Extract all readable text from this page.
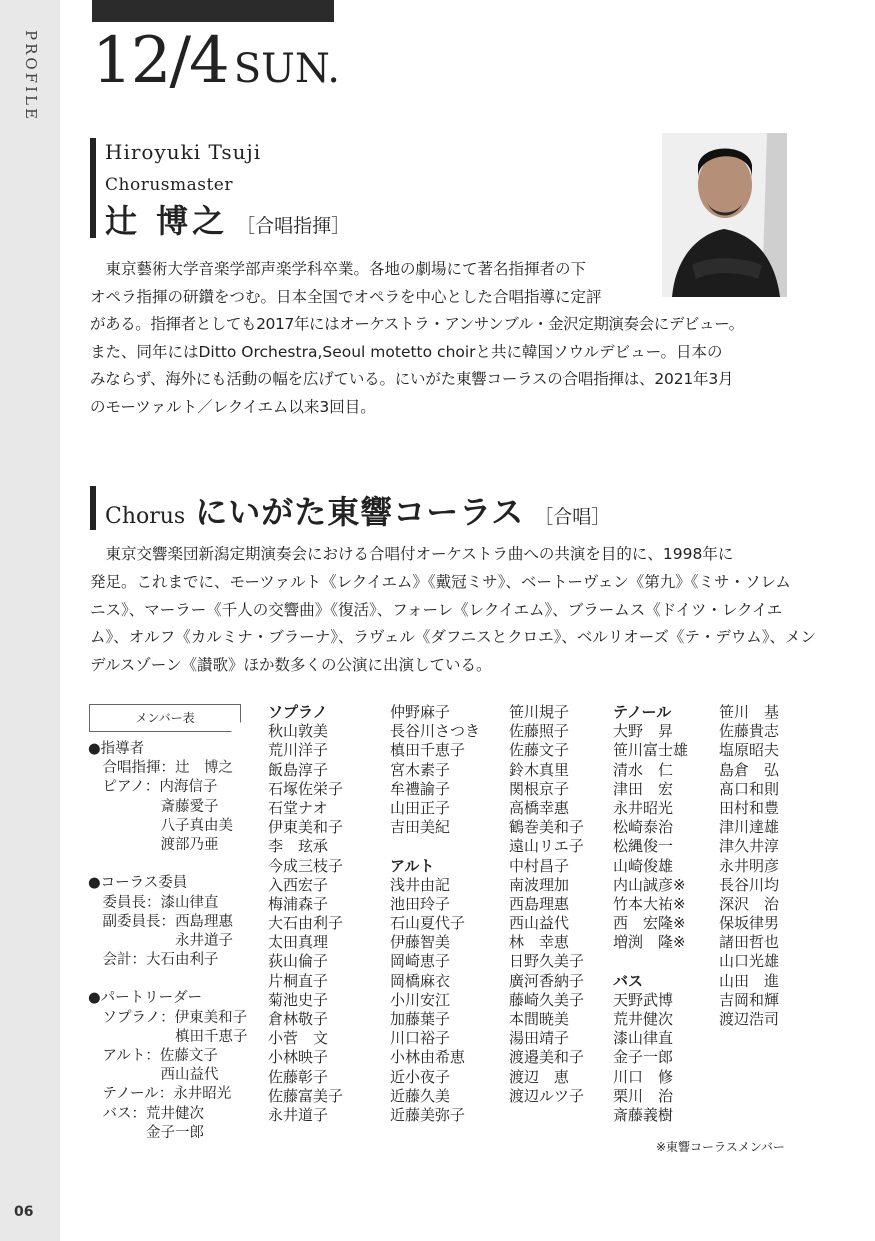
PROFILE
06
12/4 SUN.
Hiroyuki Tsuji
Chorusmaster
辻 博之 ［合唱指揮］
　東京藝術大学音楽学部声楽学科卒業。各地の劇場にて著名指揮者の下
オペラ指揮の研鑽をつむ。日本全国でオペラを中心とした合唱指導に定評
がある。指揮者としても2017年にはオーケストラ・アンサンブル・金沢定期演奏会にデビュー。
また、同年にはDitto Orchestra,Seoul motetto choirと共に韓国ソウルデビュー。日本の
みならず、海外にも活動の幅を広げている。にいがた東響コーラスの合唱指揮は、2021年3月
のモーツァルト／レクイエム以来3回目。
Chorus にいがた東響コーラス ［合唱］
　東京交響楽団新潟定期演奏会における合唱付オーケストラ曲への共演を目的に、1998年に
発足。これまでに、モーツァルト《レクイエム》《戴冠ミサ》、ベートーヴェン《第九》《ミサ・ソレム
ニス》、マーラー《千人の交響曲》《復活》、フォーレ《レクイエム》、ブラームス《ドイツ・レクイエ
ム》、オルフ《カルミナ・ブラーナ》、ラヴェル《ダフニスとクロエ》、ベルリオーズ《テ・デウム》、メン
デルスゾーン《讃歌》ほか数多くの公演に出演している。
メンバー表
●指導者
　合唱指揮：辻　博之
　ピアノ：内海信子
　　　　　斎藤愛子
　　　　　八子真由美
　　　　　渡部乃亜
●コーラス委員
　委員長：漆山律直
　副委員長：西島理惠
　　　　　　永井道子
　会計：大石由利子
●パートリーダー
　ソプラノ：伊東美和子
　　　　　　槙田千恵子
　アルト：佐藤文子
　　　　　西山益代
　テノール：永井昭光
　バス：荒井健次
　　　　金子一郎
ソプラノ
秋山敦美
荒川洋子
飯島淳子
石塚佐栄子
石堂ナオ
伊東美和子
李　玹承
今成三枝子
入西宏子
梅浦森子
大石由利子
太田真理
荻山倫子
片桐直子
菊池史子
倉林敬子
小菅　文
小林映子
佐藤彰子
佐藤富美子
永井道子
仲野麻子
長谷川さつき
槙田千恵子
宮木素子
牟禮諭子
山田正子
吉田美紀
アルト
浅井由記
池田玲子
石山夏代子
伊藤智美
岡崎恵子
岡橋麻衣
小川安江
加藤葉子
川口裕子
小林由希恵
近小夜子
近藤久美
近藤美弥子
笹川規子
佐藤照子
佐藤文子
鈴木真里
関根京子
高橋幸惠
鶴巻美和子
遠山リエ子
中村昌子
南波理加
西島理惠
西山益代
林　幸恵
日野久美子
廣河香納子
藤崎久美子
本間暁美
湯田靖子
渡邉美和子
渡辺　恵
渡辺ルツ子
テノール
大野　昇
笹川富士雄
清水　仁
津田　宏
永井昭光
松崎泰治
松縄俊一
山崎俊雄
内山誠彦※
竹本大祐※
西　宏隆※
増渕　隆※
バス
天野武博
荒井健次
漆山律直
金子一郎
川口　修
栗川　治
斎藤義樹
笹川　基
佐藤貴志
塩原昭夫
島倉　弘
髙口和則
田村和豊
津川達雄
津久井淳
永井明彦
長谷川均
深沢　治
保坂律男
諸田哲也
山口光雄
山田　進
吉岡和輝
渡辺浩司
※東響コーラスメンバー
